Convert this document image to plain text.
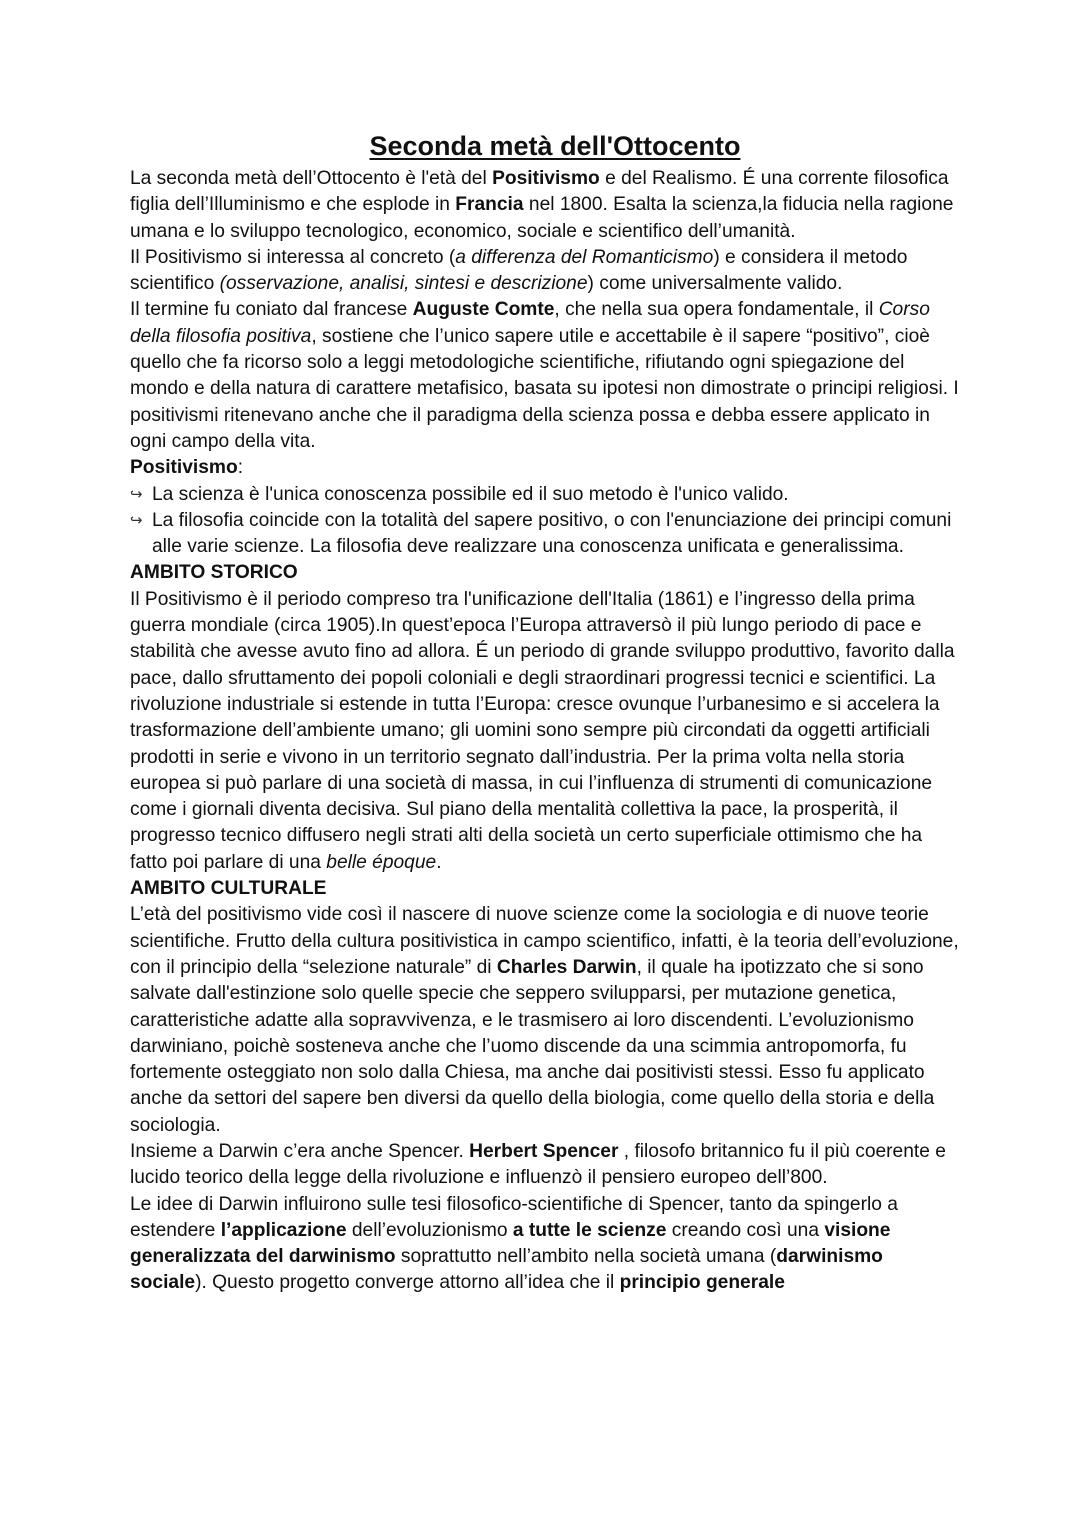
Seconda metà dell'Ottocento

La seconda metà dell’Ottocento è l'età del Positivismo e del Realismo. É una corrente filosofica figlia dell’Illuminismo e che esplode in Francia nel 1800. Esalta la scienza,la fiducia nella ragione umana e lo sviluppo tecnologico, economico, sociale e scientifico dell’umanità.

Il Positivismo si interessa al concreto (a differenza del Romanticismo) e considera il metodo scientifico (osservazione, analisi, sintesi e descrizione) come universalmente valido.

Il termine fu coniato dal francese Auguste Comte, che nella sua opera fondamentale, il Corso della filosofia positiva, sostiene che l’unico sapere utile e accettabile è il sapere “positivo”, cioè quello che fa ricorso solo a leggi metodologiche scientifiche, rifiutando ogni spiegazione del mondo e della natura di carattere metafisico, basata su ipotesi non dimostrate o principi religiosi. I positivismi ritenevano anche che il paradigma della scienza possa e debba essere applicato in ogni campo della vita.

Positivismo:

↪ La scienza è l'unica conoscenza possibile ed il suo metodo è l'unico valido.
↪ La filosofia coincide con la totalità del sapere positivo, o con l'enunciazione dei principi comuni alle varie scienze. La filosofia deve realizzare una conoscenza unificata e generalissima.
AMBITO STORICO

Il Positivismo è il periodo compreso tra l'unificazione dell'Italia (1861) e l’ingresso della prima guerra mondiale (circa 1905).In quest’epoca l’Europa attraversò il più lungo periodo di pace e stabilità che avesse avuto fino ad allora. É un periodo di grande sviluppo produttivo, favorito dalla pace, dallo sfruttamento dei popoli coloniali e degli straordinari progressi tecnici e scientifici. La rivoluzione industriale si estende in tutta l’Europa: cresce ovunque l’urbanesimo e si accelera la trasformazione dell’ambiente umano; gli uomini sono sempre più circondati da oggetti artificiali prodotti in serie e vivono in un territorio segnato dall’industria. Per la prima volta nella storia europea si può parlare di una società di massa, in cui l’influenza di strumenti di comunicazione come i giornali diventa decisiva. Sul piano della mentalità collettiva la pace, la prosperità, il progresso tecnico diffusero negli strati alti della società un certo superficiale ottimismo che ha fatto poi parlare di una belle époque.

AMBITO CULTURALE

L’età del positivismo vide così il nascere di nuove scienze come la sociologia e di nuove teorie scientifiche. Frutto della cultura positivistica in campo scientifico, infatti, è la teoria dell’evoluzione, con il principio della “selezione naturale” di Charles Darwin, il quale ha ipotizzato che si sono salvate dall'estinzione solo quelle specie che seppero svilupparsi, per mutazione genetica, caratteristiche adatte alla sopravvivenza, e le trasmisero ai loro discendenti. L’evoluzionismo darwiniano, poichè sosteneva anche che l’uomo discende da una scimmia antropomorfa, fu fortemente osteggiato non solo dalla Chiesa, ma anche dai positivisti stessi. Esso fu applicato anche da settori del sapere ben diversi da quello della biologia, come quello della storia e della sociologia.

Insieme a Darwin c’era anche Spencer. Herbert Spencer , filosofo britannico fu il più coerente e lucido teorico della legge della rivoluzione e influenzò il pensiero europeo dell’800.

Le idee di Darwin influirono sulle tesi filosofico-scientifiche di Spencer, tanto da spingerlo a estendere l’applicazione dell’evoluzionismo a tutte le scienze creando così una visione generalizzata del darwinismo soprattutto nell’ambito nella società umana (darwinismo sociale). Questo progetto converge attorno all’idea che il principio generale
